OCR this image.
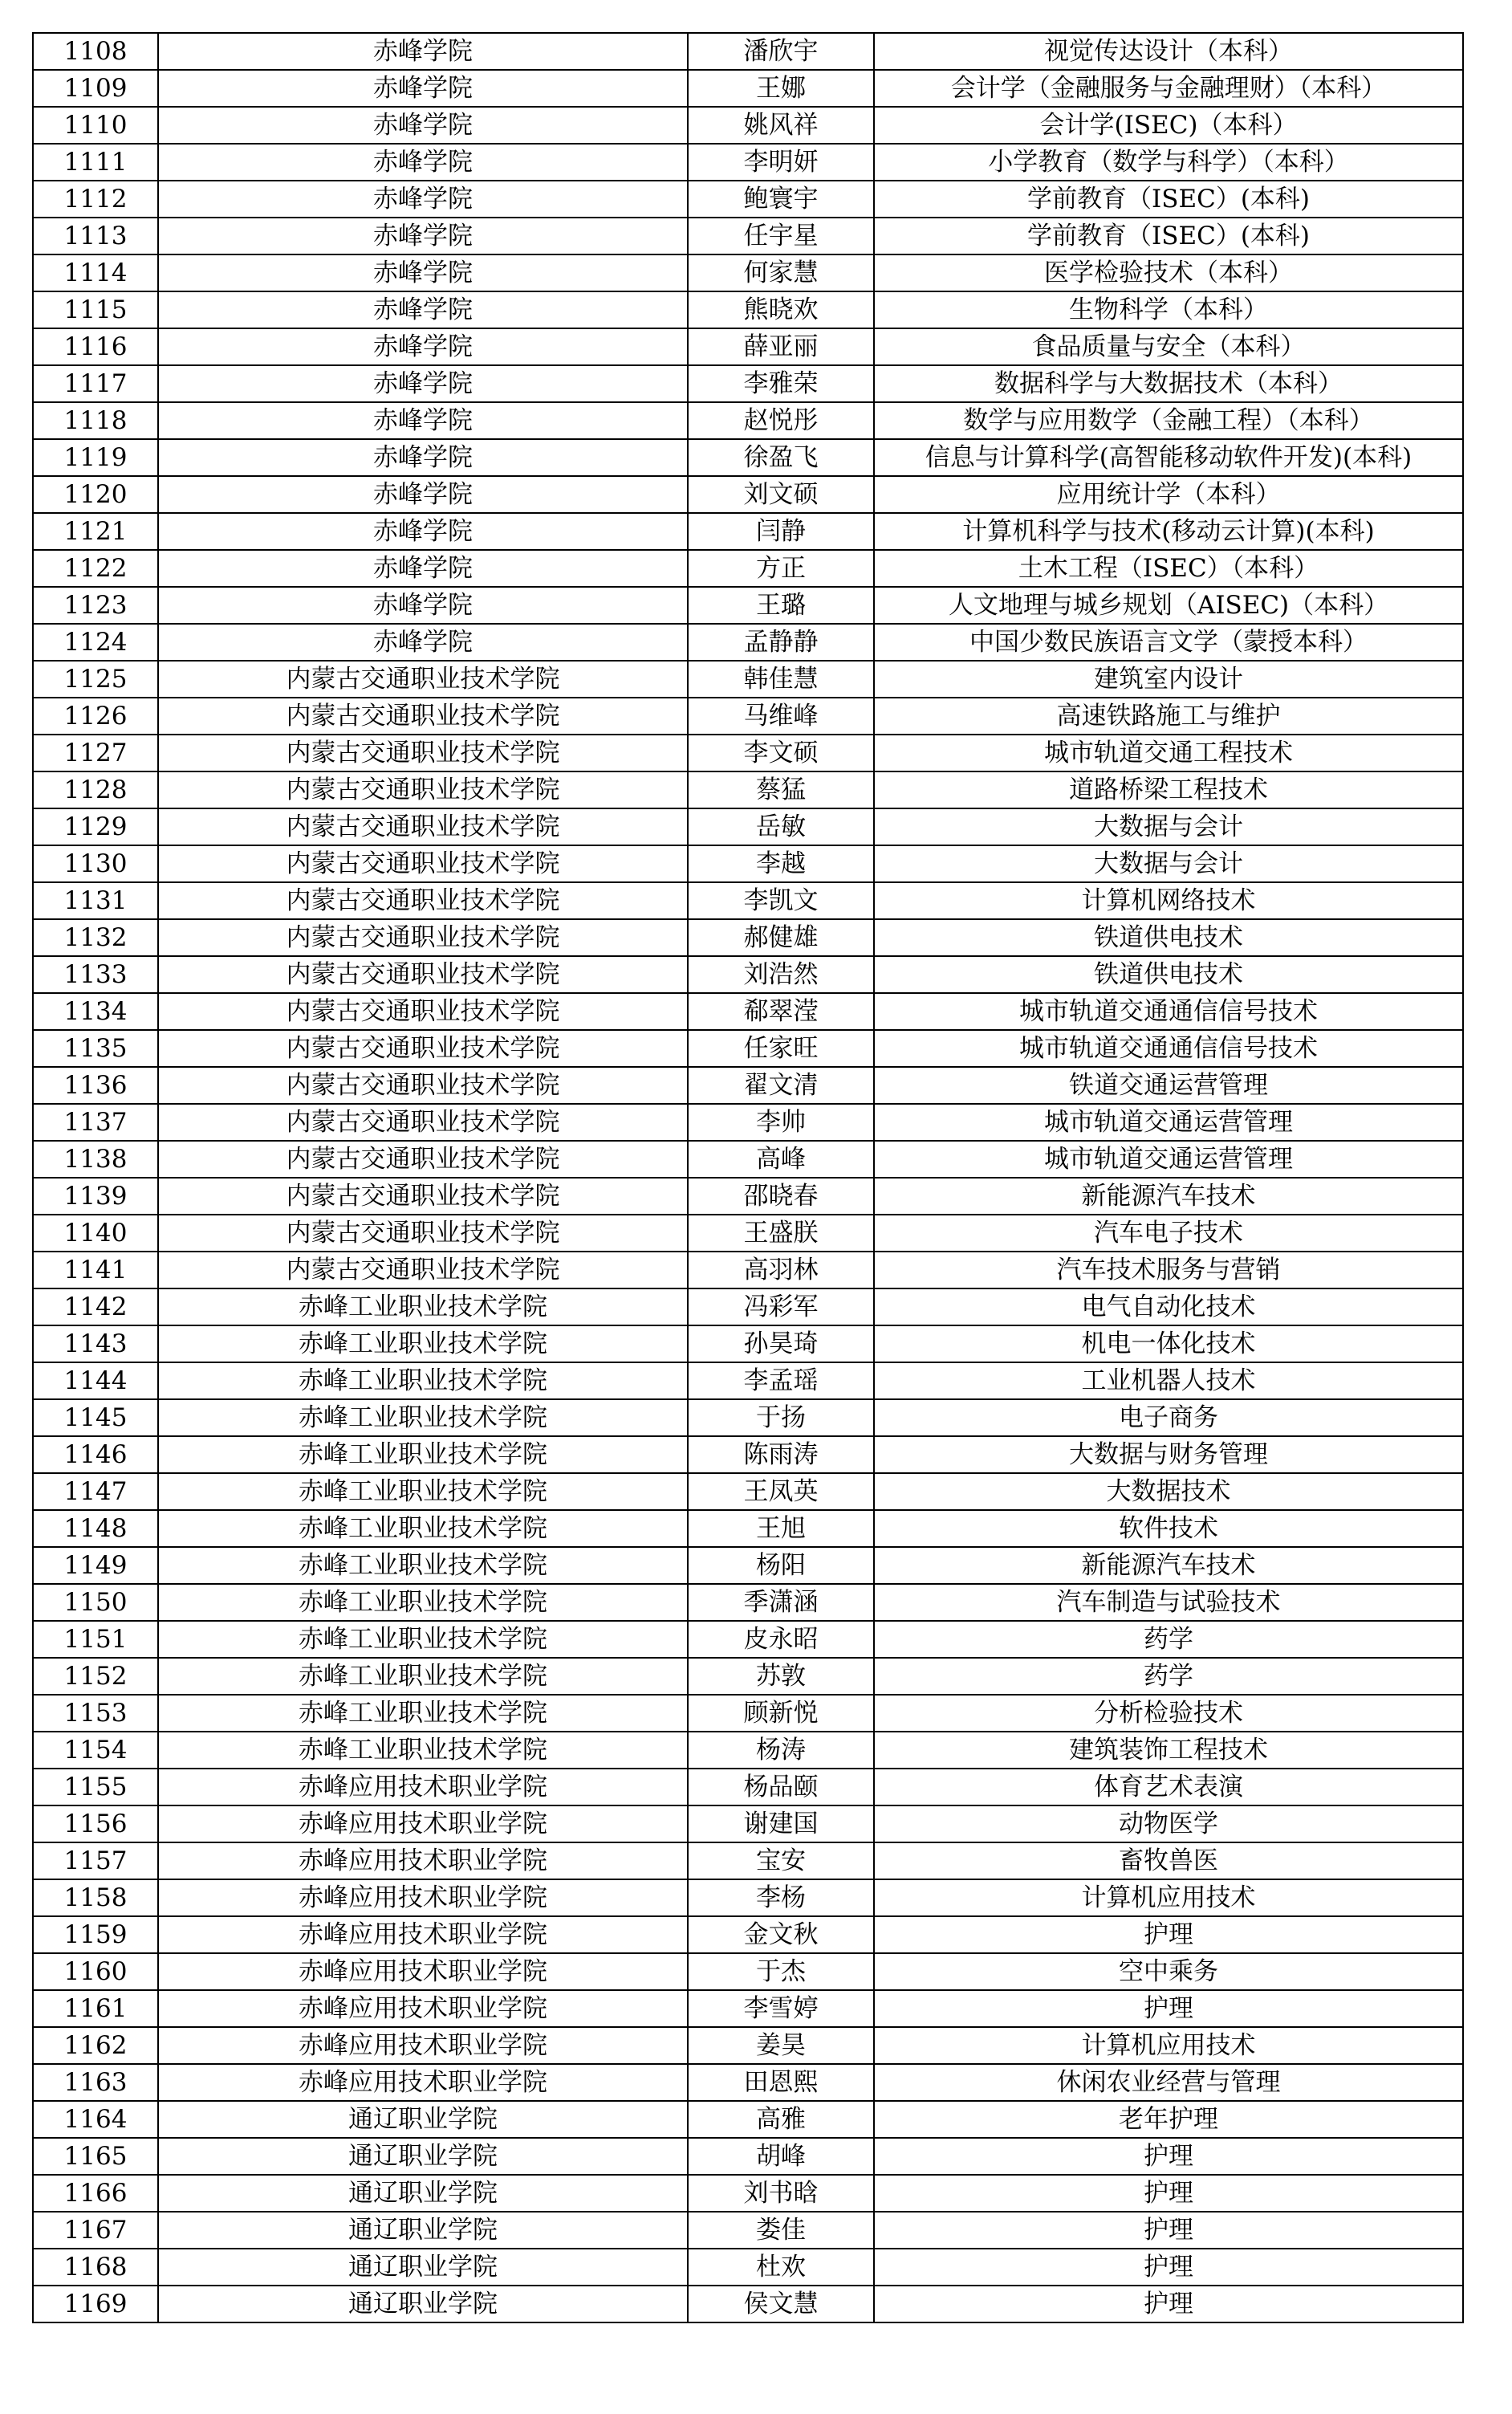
1108	赤峰学院	潘欣宇	视觉传达设计（本科）
1109	赤峰学院	王娜	会计学（金融服务与金融理财）（本科）
1110	赤峰学院	姚风祥	会计学(ISEC)（本科）
1111	赤峰学院	李明妍	小学教育（数学与科学）（本科）
1112	赤峰学院	鲍寰宇	学前教育（ISEC）(本科)
1113	赤峰学院	任宇星	学前教育（ISEC）(本科)
1114	赤峰学院	何家慧	医学检验技术（本科）
1115	赤峰学院	熊晓欢	生物科学（本科）
1116	赤峰学院	薛亚丽	食品质量与安全（本科）
1117	赤峰学院	李雅荣	数据科学与大数据技术（本科）
1118	赤峰学院	赵悦彤	数学与应用数学（金融工程）（本科）
1119	赤峰学院	徐盈飞	信息与计算科学(高智能移动软件开发)(本科)
1120	赤峰学院	刘文硕	应用统计学（本科）
1121	赤峰学院	闫静	计算机科学与技术(移动云计算)(本科)
1122	赤峰学院	方正	土木工程（ISEC）（本科）
1123	赤峰学院	王璐	人文地理与城乡规划（AISEC)（本科）
1124	赤峰学院	孟静静	中国少数民族语言文学（蒙授本科）
1125	内蒙古交通职业技术学院	韩佳慧	建筑室内设计
1126	内蒙古交通职业技术学院	马维峰	高速铁路施工与维护
1127	内蒙古交通职业技术学院	李文硕	城市轨道交通工程技术
1128	内蒙古交通职业技术学院	蔡猛	道路桥梁工程技术
1129	内蒙古交通职业技术学院	岳敏	大数据与会计
1130	内蒙古交通职业技术学院	李越	大数据与会计
1131	内蒙古交通职业技术学院	李凯文	计算机网络技术
1132	内蒙古交通职业技术学院	郝健雄	铁道供电技术
1133	内蒙古交通职业技术学院	刘浩然	铁道供电技术
1134	内蒙古交通职业技术学院	郗翠滢	城市轨道交通通信信号技术
1135	内蒙古交通职业技术学院	任家旺	城市轨道交通通信信号技术
1136	内蒙古交通职业技术学院	翟文清	铁道交通运营管理
1137	内蒙古交通职业技术学院	李帅	城市轨道交通运营管理
1138	内蒙古交通职业技术学院	高峰	城市轨道交通运营管理
1139	内蒙古交通职业技术学院	邵晓春	新能源汽车技术
1140	内蒙古交通职业技术学院	王盛朕	汽车电子技术
1141	内蒙古交通职业技术学院	高羽林	汽车技术服务与营销
1142	赤峰工业职业技术学院	冯彩军	电气自动化技术
1143	赤峰工业职业技术学院	孙昊琦	机电一体化技术
1144	赤峰工业职业技术学院	李孟瑶	工业机器人技术
1145	赤峰工业职业技术学院	于扬	电子商务
1146	赤峰工业职业技术学院	陈雨涛	大数据与财务管理
1147	赤峰工业职业技术学院	王凤英	大数据技术
1148	赤峰工业职业技术学院	王旭	软件技术
1149	赤峰工业职业技术学院	杨阳	新能源汽车技术
1150	赤峰工业职业技术学院	季潇涵	汽车制造与试验技术
1151	赤峰工业职业技术学院	皮永昭	药学
1152	赤峰工业职业技术学院	苏敦	药学
1153	赤峰工业职业技术学院	顾新悦	分析检验技术
1154	赤峰工业职业技术学院	杨涛	建筑装饰工程技术
1155	赤峰应用技术职业学院	杨品颐	体育艺术表演
1156	赤峰应用技术职业学院	谢建国	动物医学
1157	赤峰应用技术职业学院	宝安	畜牧兽医
1158	赤峰应用技术职业学院	李杨	计算机应用技术
1159	赤峰应用技术职业学院	金文秋	护理
1160	赤峰应用技术职业学院	于杰	空中乘务
1161	赤峰应用技术职业学院	李雪婷	护理
1162	赤峰应用技术职业学院	姜昊	计算机应用技术
1163	赤峰应用技术职业学院	田恩熙	休闲农业经营与管理
1164	通辽职业学院	高雅	老年护理
1165	通辽职业学院	胡峰	护理
1166	通辽职业学院	刘书晗	护理
1167	通辽职业学院	娄佳	护理
1168	通辽职业学院	杜欢	护理
1169	通辽职业学院	侯文慧	护理
